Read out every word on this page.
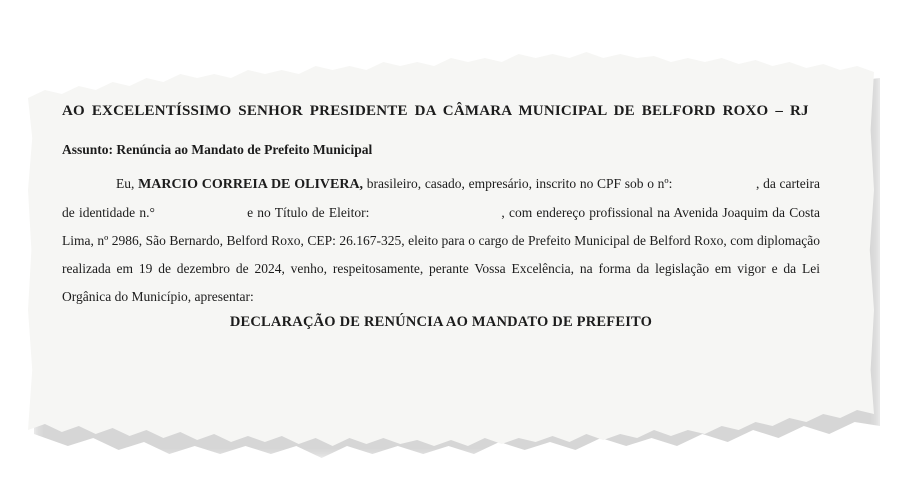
AO EXCELENTÍSSIMO SENHOR PRESIDENTE DA CÂMARA MUNICIPAL DE BELFORD ROXO – RJ

Assunto: Renúncia ao Mandato de Prefeito Municipal

Eu, MARCIO CORREIA DE OLIVERA, brasileiro, casado, empresário, inscrito no CPF sob o nº:	, da carteira de identidade n.°	e no Título de Eleitor:	, com endereço profissional na Avenida Joaquim da Costa Lima, nº 2986, São Bernardo, Belford Roxo, CEP: 26.167-325, eleito para o cargo de Prefeito Municipal de Belford Roxo, com diplomação realizada em 19 de dezembro de 2024, venho, respeitosamente, perante Vossa Excelência, na forma da legislação em vigor e da Lei Orgânica do Município, apresentar:

DECLARAÇÃO DE RENÚNCIA AO MANDATO DE PREFEITO
